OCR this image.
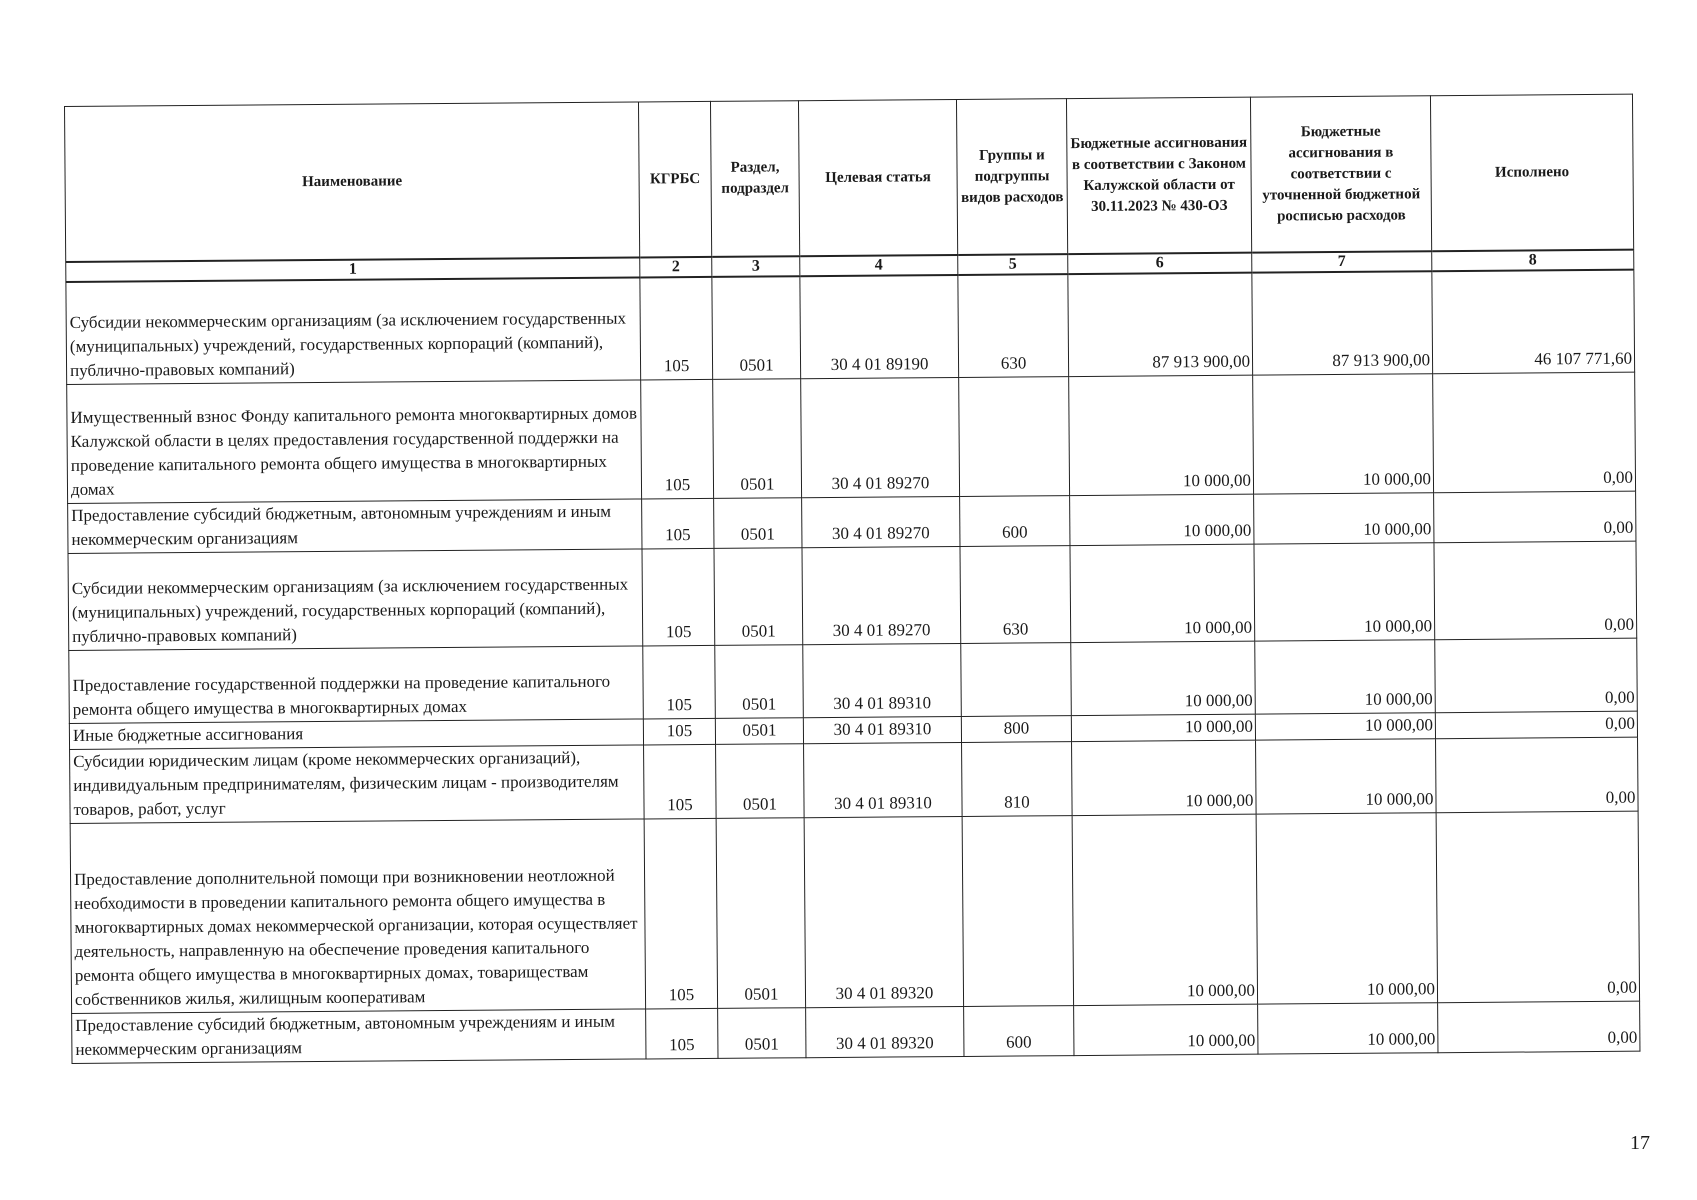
Наименование	КГРБС	Раздел, подраздел	Целевая статья	Группы и подгруппы видов расходов	Бюджетные ассигнования в соответствии с Законом Калужской области от 30.11.2023 № 430-ОЗ	Бюджетные ассигнования в соответствии с уточненной бюджетной росписью расходов	Исполнено
1	2	3	4	5	6	7	8
Субсидии некоммерческим организациям (за исключением государственных (муниципальных) учреждений, государственных корпораций (компаний), публично-правовых компаний)	105	0501	30 4 01 89190	630	87 913 900,00	87 913 900,00	46 107 771,60
Имущественный взнос Фонду капитального ремонта многоквартирных домов Калужской области в целях предоставления государственной поддержки на проведение капитального ремонта общего имущества в многоквартирных домах	105	0501	30 4 01 89270		10 000,00	10 000,00	0,00
Предоставление субсидий бюджетным, автономным учреждениям и иным некоммерческим организациям	105	0501	30 4 01 89270	600	10 000,00	10 000,00	0,00
Субсидии некоммерческим организациям (за исключением государственных (муниципальных) учреждений, государственных корпораций (компаний), публично-правовых компаний)	105	0501	30 4 01 89270	630	10 000,00	10 000,00	0,00
Предоставление государственной поддержки на проведение капитального ремонта общего имущества в многоквартирных домах	105	0501	30 4 01 89310		10 000,00	10 000,00	0,00
Иные бюджетные ассигнования	105	0501	30 4 01 89310	800	10 000,00	10 000,00	0,00
Субсидии юридическим лицам (кроме некоммерческих организаций), индивидуальным предпринимателям, физическим лицам - производителям товаров, работ, услуг	105	0501	30 4 01 89310	810	10 000,00	10 000,00	0,00
Предоставление дополнительной помощи при возникновении неотложной необходимости в проведении капитального ремонта общего имущества в многоквартирных домах некоммерческой организации, которая осуществляет деятельность, направленную на обеспечение проведения капитального ремонта общего имущества в многоквартирных домах, товариществам собственников жилья, жилищным кооперативам	105	0501	30 4 01 89320		10 000,00	10 000,00	0,00
Предоставление субсидий бюджетным, автономным учреждениям и иным некоммерческим организациям	105	0501	30 4 01 89320	600	10 000,00	10 000,00	0,00
17
